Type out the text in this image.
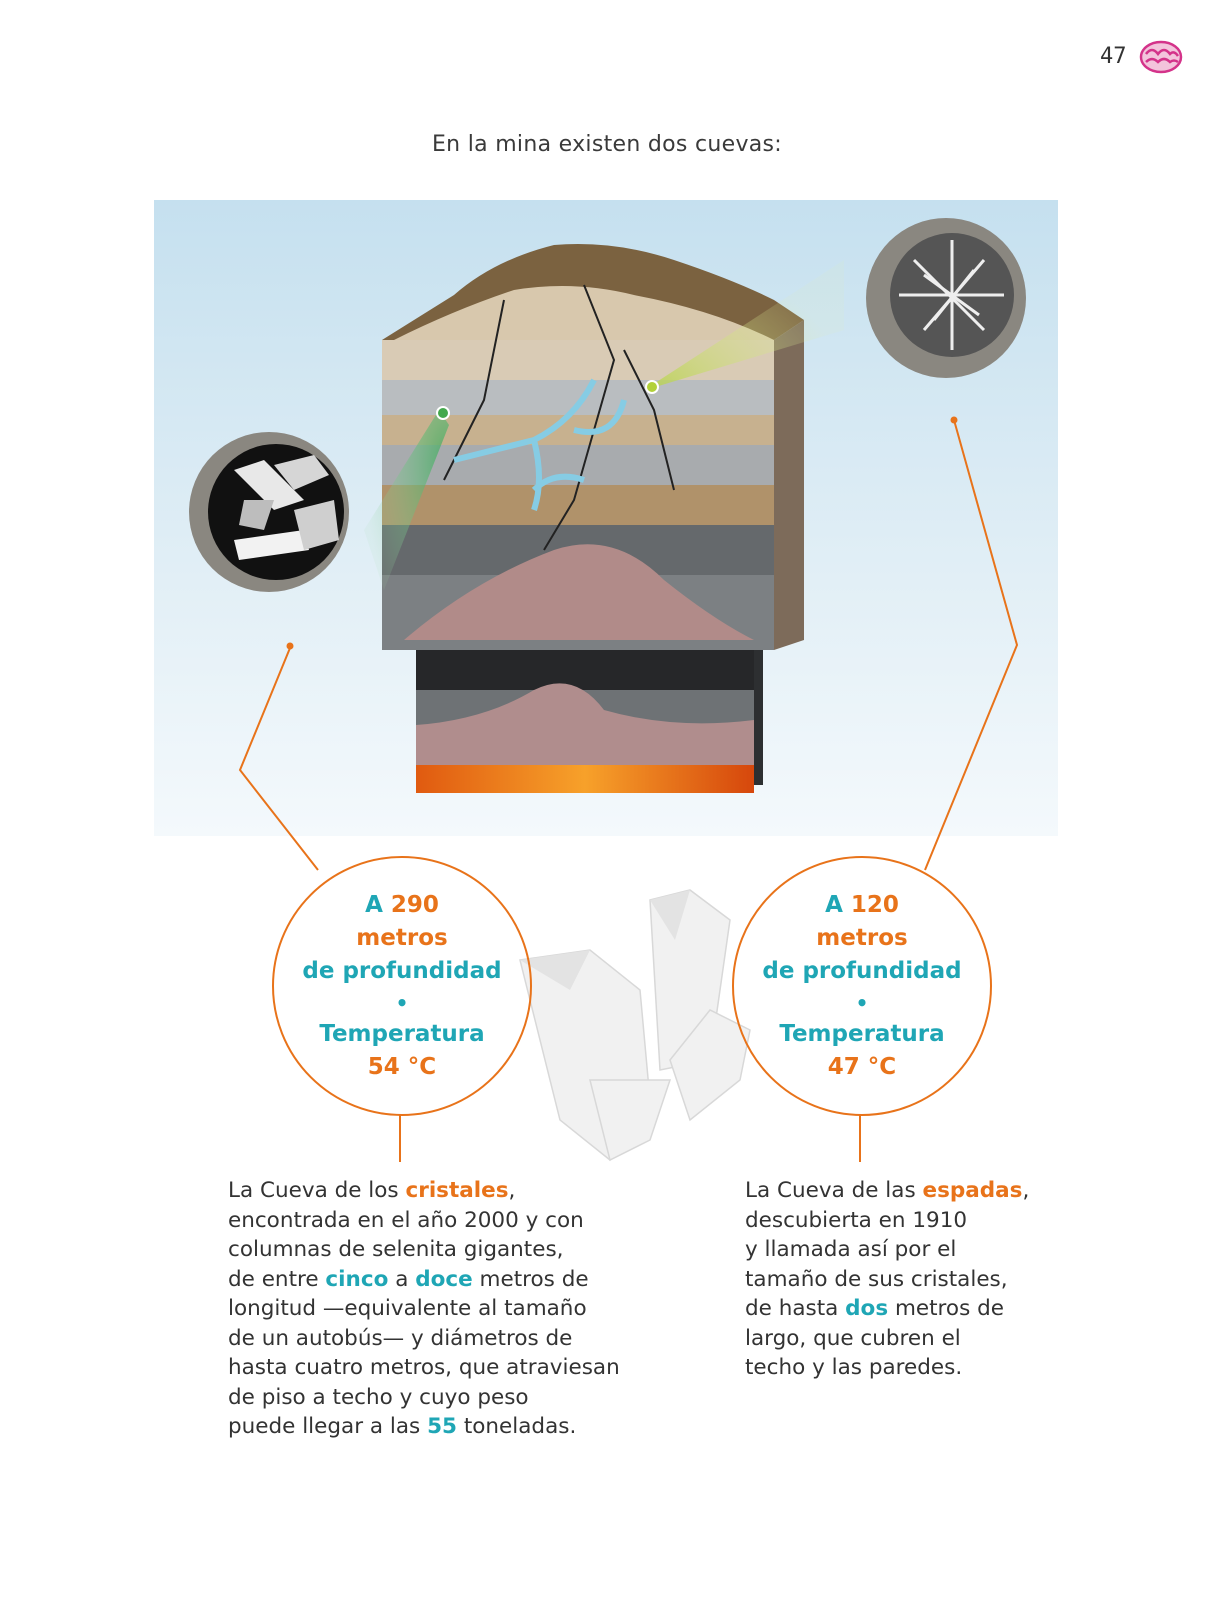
47
En la mina existen dos cuevas:
A 290
metros
de profundidad
•
Temperatura
54 °C
A 120
metros
de profundidad
•
Temperatura
47 °C

La Cueva de los cristales,

encontrada en el año 2000 y con

columnas de selenita gigantes,

de entre cinco a doce metros de

longitud —equivalente al tamaño

de un autobús— y diámetros de

hasta cuatro metros, que atraviesan

de piso a techo y cuyo peso

puede llegar a las 55 toneladas.

La Cueva de las espadas,

descubierta en 1910

y llamada así por el

tamaño de sus cristales,

de hasta dos metros de

largo, que cubren el

techo y las paredes.
